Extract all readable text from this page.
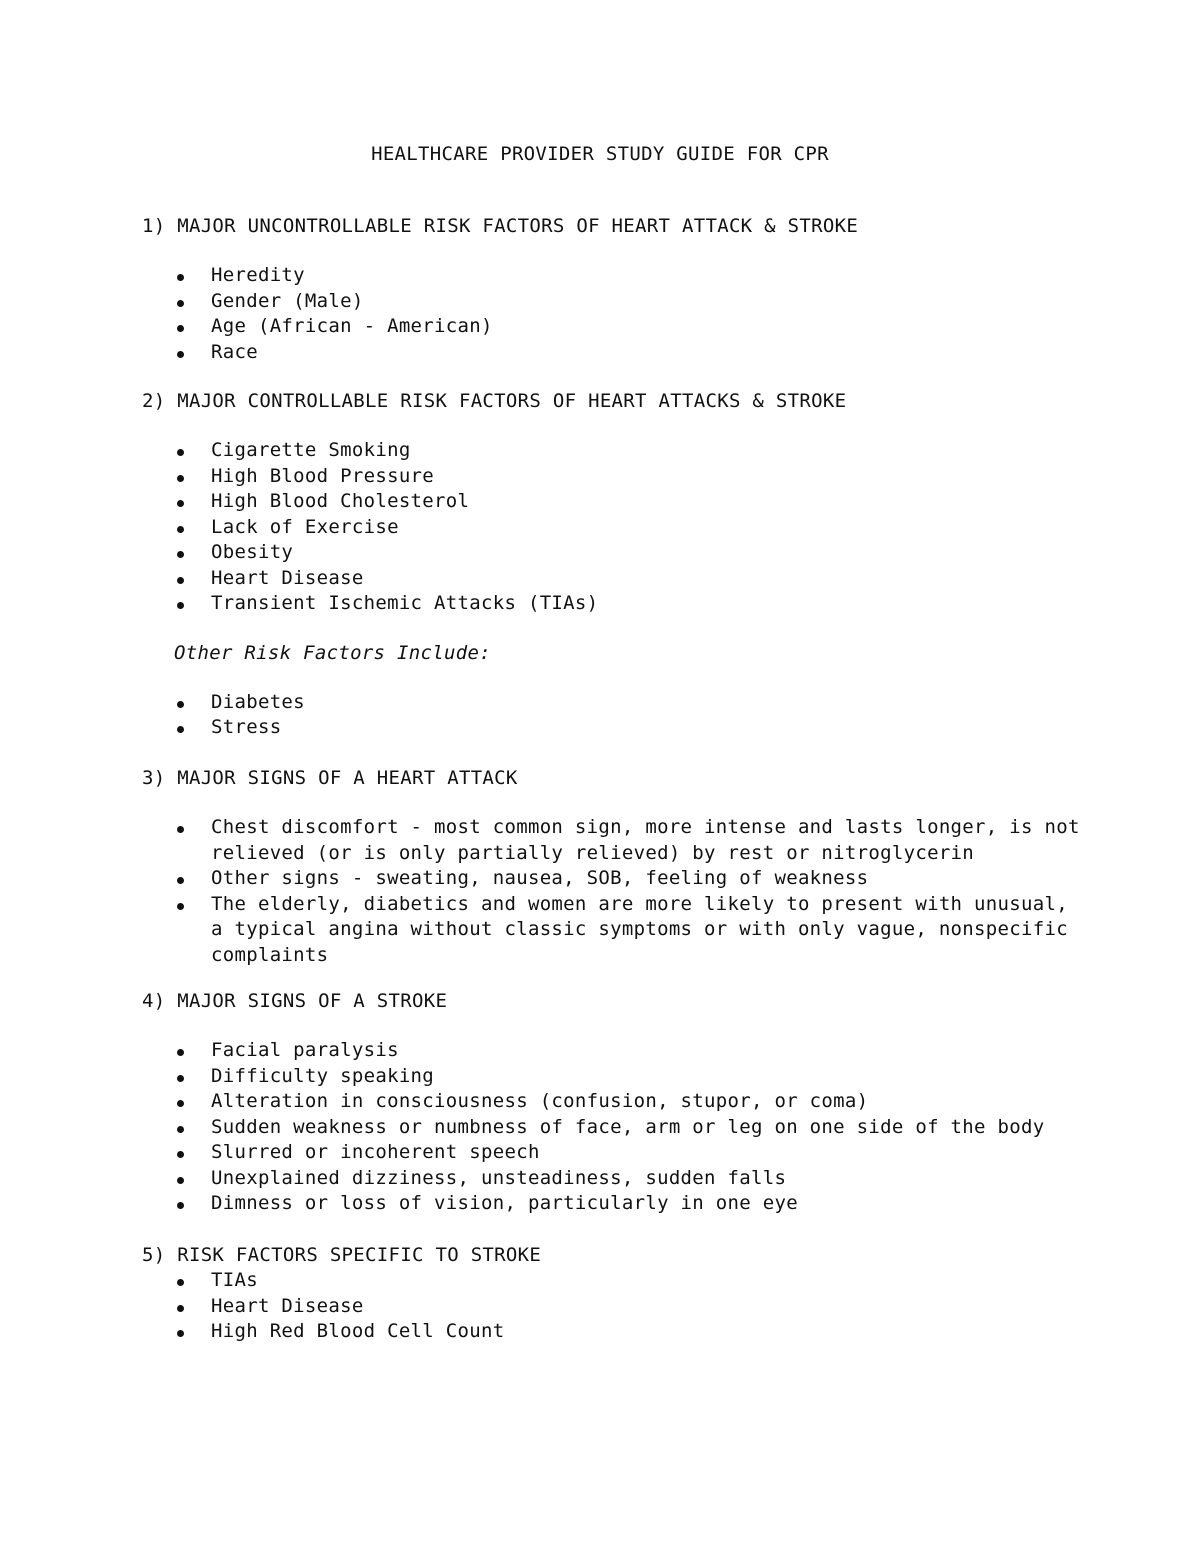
HEALTHCARE PROVIDER STUDY GUIDE FOR CPR
1) MAJOR UNCONTROLLABLE RISK FACTORS OF HEART ATTACK & STROKE
Heredity
Gender (Male)
Age (African - American)
Race
2) MAJOR CONTROLLABLE RISK FACTORS OF HEART ATTACKS & STROKE
Cigarette Smoking
High Blood Pressure
High Blood Cholesterol
Lack of Exercise
Obesity
Heart Disease
Transient Ischemic Attacks (TIAs)
Other Risk Factors Include:
Diabetes
Stress
3) MAJOR SIGNS OF A HEART ATTACK
Chest discomfort - most common sign, more intense and lasts longer, is not relieved (or is only partially relieved) by rest or nitroglycerin
Other signs - sweating, nausea, SOB, feeling of weakness
The elderly, diabetics and women are more likely to present with unusual, a typical angina without classic symptoms or with only vague, nonspecific complaints
4) MAJOR SIGNS OF A STROKE
Facial paralysis
Difficulty speaking
Alteration in consciousness (confusion, stupor, or coma)
Sudden weakness or numbness of face, arm or leg on one side of the body
Slurred or incoherent speech
Unexplained dizziness, unsteadiness, sudden falls
Dimness or loss of vision, particularly in one eye
5) RISK FACTORS SPECIFIC TO STROKE
TIAs
Heart Disease
High Red Blood Cell Count
